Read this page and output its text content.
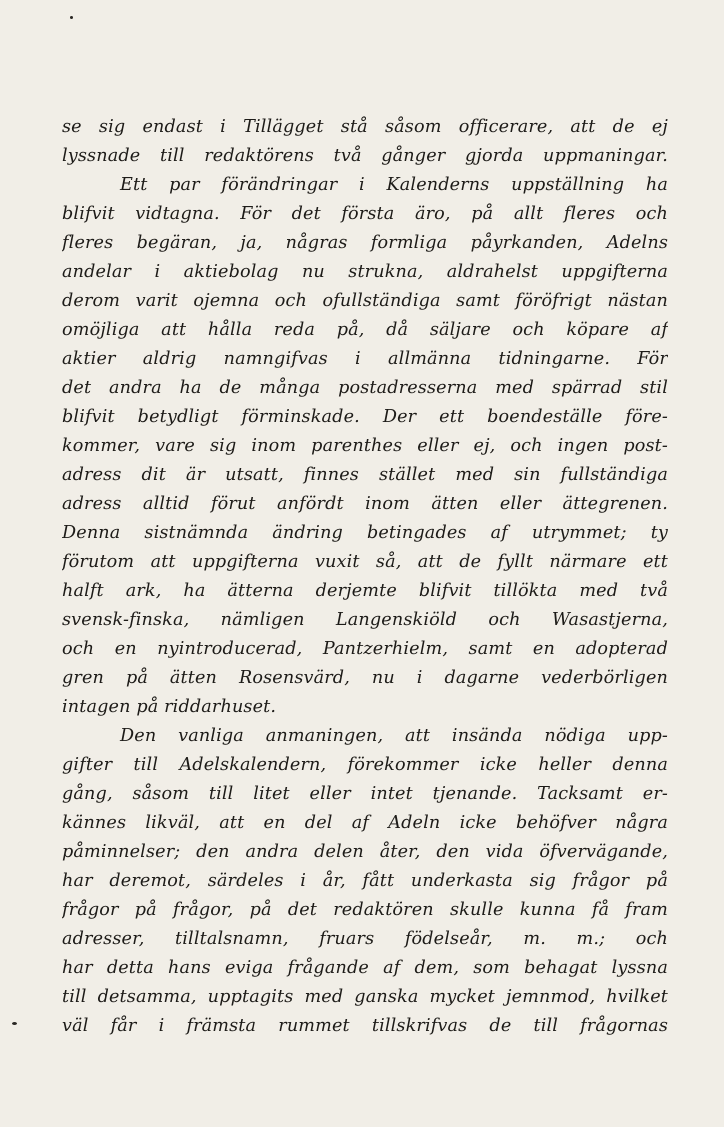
se sig endast i Tillägget stå såsom officerare, att de ej
lyssnade till redaktörens två gånger gjorda uppmaningar.
Ett par förändringar i Kalenderns uppställning ha
blifvit vidtagna. För det första äro, på allt fleres och
fleres begäran, ja, någras formliga påyrkanden, Adelns
andelar i aktiebolag nu strukna, aldrahelst uppgifterna
derom varit ojemna och ofullständiga samt föröfrigt nästan
omöjliga att hålla reda på, då säljare och köpare af
aktier aldrig namngifvas i allmänna tidningarne. För
det andra ha de många postadresserna med spärrad stil
blifvit betydligt förminskade. Der ett boendeställe före-
kommer, vare sig inom parenthes eller ej, och ingen post-
adress dit är utsatt, finnes stället med sin fullständiga
adress alltid förut anfördt inom ätten eller ättegrenen.
Denna sistnämnda ändring betingades af utrymmet; ty
förutom att uppgifterna vuxit så, att de fyllt närmare ett
halft ark, ha ätterna derjemte blifvit tillökta med två
svensk-finska, nämligen Langenskiöld och Wasastjerna,
och en nyintroducerad, Pantzerhielm, samt en adopterad
gren på ätten Rosensvärd, nu i dagarne vederbörligen
intagen på riddarhuset.
Den vanliga anmaningen, att insända nödiga upp-
gifter till Adelskalendern, förekommer icke heller denna
gång, såsom till litet eller intet tjenande. Tacksamt er-
kännes likväl, att en del af Adeln icke behöfver några
påminnelser; den andra delen åter, den vida öfvervägande,
har deremot, särdeles i år, fått underkasta sig frågor på
frågor på frågor, på det redaktören skulle kunna få fram
adresser, tilltalsnamn, fruars födelseår, m. m.; och
har detta hans eviga frågande af dem, som behagat lyssna
till detsamma, upptagits med ganska mycket jemnmod, hvilket
väl får i främsta rummet tillskrifvas de till frågornas
